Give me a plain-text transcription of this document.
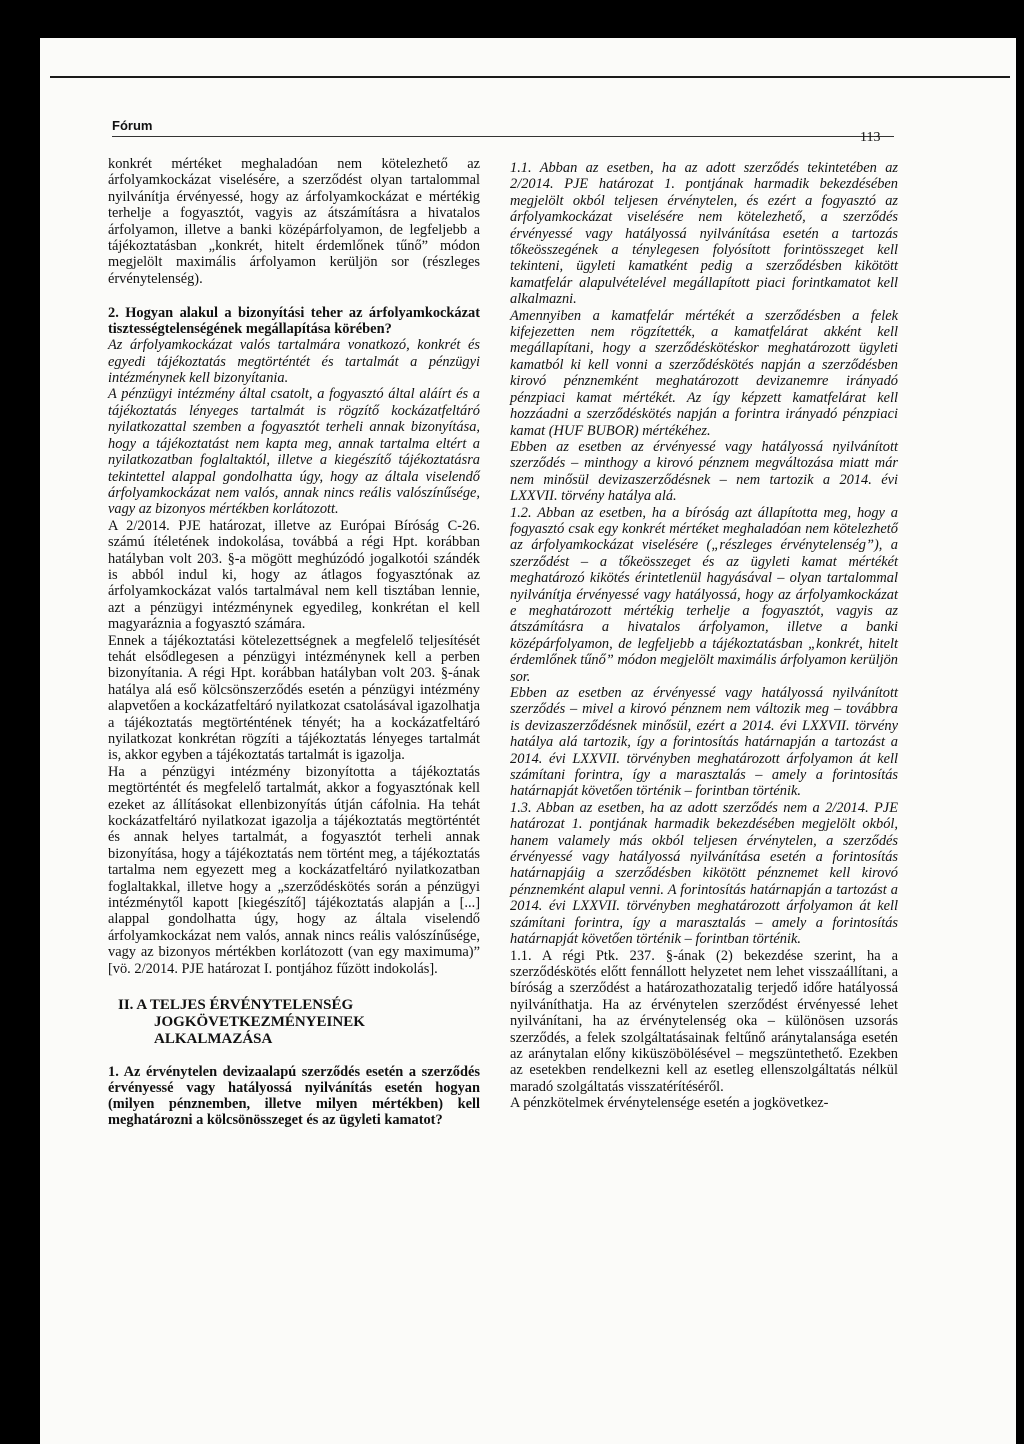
Fórum
113

konkrét mértéket meghaladóan nem kötelezhető az árfolyamkockázat viselésére, a szerződést olyan tartalommal nyilvánítja érvényessé, hogy az árfolyamkockázat e mértékig terhelje a fogyasztót, vagyis az átszámításra a hivatalos árfolyamon, illetve a banki középárfolyamon, de legfeljebb a tájékoztatásban „konkrét, hitelt érdemlőnek tűnő” módon megjelölt maximális árfolyamon kerüljön sor (részleges érvénytelenség).

2. Hogyan alakul a bizonyítási teher az árfolyamkockázat tisztességtelenségének megállapítása körében?

Az árfolyamkockázat valós tartalmára vonatkozó, konkrét és egyedi tájékoztatás megtörténtét és tartalmát a pénzügyi intézménynek kell bizonyítania.

A pénzügyi intézmény által csatolt, a fogyasztó által aláírt és a tájékoztatás lényeges tartalmát is rögzítő kockázatfeltáró nyilatkozattal szemben a fogyasztót terheli annak bizonyítása, hogy a tájékoztatást nem kapta meg, annak tartalma eltért a nyilatkozatban foglaltaktól, illetve a kiegészítő tájékoztatásra tekintettel alappal gondolhatta úgy, hogy az általa viselendő árfolyamkockázat nem valós, annak nincs reális valószínűsége, vagy az bizonyos mértékben korlátozott.

A 2/2014. PJE határozat, illetve az Európai Bíróság C-26. számú ítéletének indokolása, továbbá a régi Hpt. korábban hatályban volt 203. §-a mögött meghúzódó jogalkotói szándék is abból indul ki, hogy az átlagos fogyasztónak az árfolyamkockázat valós tartalmával nem kell tisztában lennie, azt a pénzügyi intézménynek egyedileg, konkrétan el kell magyaráznia a fogyasztó számára.

Ennek a tájékoztatási kötelezettségnek a megfelelő teljesítését tehát elsődlegesen a pénzügyi intézménynek kell a perben bizonyítania. A régi Hpt. korábban hatályban volt 203. §-ának hatálya alá eső kölcsönszerződés esetén a pénzügyi intézmény alapvetően a kockázatfeltáró nyilatkozat csatolásával igazolhatja a tájékoztatás megtörténtének tényét; ha a kockázatfeltáró nyilatkozat konkrétan rögzíti a tájékoztatás lényeges tartalmát is, akkor egyben a tájékoztatás tartalmát is igazolja.

Ha a pénzügyi intézmény bizonyította a tájékoztatás megtörténtét és megfelelő tartalmát, akkor a fogyasztónak kell ezeket az állításokat ellenbizonyítás útján cáfolnia. Ha tehát kockázatfeltáró nyilatkozat igazolja a tájékoztatás megtörténtét és annak helyes tartalmát, a fogyasztót terheli annak bizonyítása, hogy a tájékoztatás nem történt meg, a tájékoztatás tartalma nem egyezett meg a kockázatfeltáró nyilatkozatban foglaltakkal, illetve hogy a „szerződéskötés során a pénzügyi intézménytől kapott [kiegészítő] tájékoztatás alapján a [...] alappal gondolhatta úgy, hogy az általa viselendő árfolyamkockázat nem valós, annak nincs reális valószínűsége, vagy az bizonyos mértékben korlátozott (van egy maximuma)” [vö. 2/2014. PJE határozat I. pontjához fűzött indokolás].

II. A TELJES ÉRVÉNYTELENSÉG
JOGKÖVETKEZMÉNYEINEK
ALKALMAZÁSA
1. Az érvénytelen devizaalapú szerződés esetén a szerződés érvényessé vagy hatályossá nyilvánítás esetén hogyan (milyen pénznemben, illetve milyen mértékben) kell meghatározni a kölcsönösszeget és az ügyleti kamatot?

1.1. Abban az esetben, ha az adott szerződés tekintetében az 2/2014. PJE határozat 1. pontjának harmadik bekezdésében megjelölt okból teljesen érvénytelen, és ezért a fogyasztó az árfolyamkockázat viselésére nem kötelezhető, a szerződés érvényessé vagy hatályossá nyilvánítása esetén a tartozás tőkeösszegének a ténylegesen folyósított forintösszeget kell tekinteni, ügyleti kamatként pedig a szerződésben kikötött kamatfelár alapulvételével megállapított piaci forintkamatot kell alkalmazni.

Amennyiben a kamatfelár mértékét a szerződésben a felek kifejezetten nem rögzítették, a kamatfelárat akként kell megállapítani, hogy a szerződéskötéskor meghatározott ügyleti kamatból ki kell vonni a szerződéskötés napján a szerződésben kirovó pénznemként meghatározott devizanemre irányadó pénzpiaci kamat mértékét. Az így képzett kamatfelárat kell hozzáadni a szerződéskötés napján a forintra irányadó pénzpiaci kamat (HUF BUBOR) mértékéhez.

Ebben az esetben az érvényessé vagy hatályossá nyilvánított szerződés – minthogy a kirovó pénznem megváltozása miatt már nem minősül devizaszerződésnek – nem tartozik a 2014. évi LXXVII. törvény hatálya alá.

1.2. Abban az esetben, ha a bíróság azt állapította meg, hogy a fogyasztó csak egy konkrét mértéket meghaladóan nem kötelezhető az árfolyamkockázat viselésére („részleges érvénytelenség”), a szerződést – a tőkeösszeget és az ügyleti kamat mértékét meghatározó kikötés érintetlenül hagyásával – olyan tartalommal nyilvánítja érvényessé vagy hatályossá, hogy az árfolyamkockázat e meghatározott mértékig terhelje a fogyasztót, vagyis az átszámításra a hivatalos árfolyamon, illetve a banki középárfolyamon, de legfeljebb a tájékoztatásban „konkrét, hitelt érdemlőnek tűnő” módon megjelölt maximális árfolyamon kerüljön sor.

Ebben az esetben az érvényessé vagy hatályossá nyilvánított szerződés – mivel a kirovó pénznem nem változik meg – továbbra is devizaszerződésnek minősül, ezért a 2014. évi LXXVII. törvény hatálya alá tartozik, így a forintosítás határnapján a tartozást a 2014. évi LXXVII. törvényben meghatározott árfolyamon át kell számítani forintra, így a marasztalás – amely a forintosítás határnapját követően történik – forintban történik.

1.3. Abban az esetben, ha az adott szerződés nem a 2/2014. PJE határozat 1. pontjának harmadik bekezdésében megjelölt okból, hanem valamely más okból teljesen érvénytelen, a szerződés érvényessé vagy hatályossá nyilvánítása esetén a forintosítás határnapjáig a szerződésben kikötött pénznemet kell kirovó pénznemként alapul venni. A forintosítás határnapján a tartozást a 2014. évi LXXVII. törvényben meghatározott árfolyamon át kell számítani forintra, így a marasztalás – amely a forintosítás határnapját követően történik – forintban történik.

1.1. A régi Ptk. 237. §-ának (2) bekezdése szerint, ha a szerződéskötés előtt fennállott helyzetet nem lehet visszaállítani, a bíróság a szerződést a határozathozatalig terjedő időre hatályossá nyilváníthatja. Ha az érvénytelen szerződést érvényessé lehet nyilvánítani, ha az érvénytelenség oka – különösen uzsorás szerződés, a felek szolgáltatásainak feltűnő aránytalansága esetén az aránytalan előny kiküszöbölésével – megszüntethető. Ezekben az esetekben rendelkezni kell az esetleg ellenszolgáltatás nélkül maradó szolgáltatás visszatérítéséről.

A pénzkötelmek érvénytelensége esetén a jogkövetkez-
